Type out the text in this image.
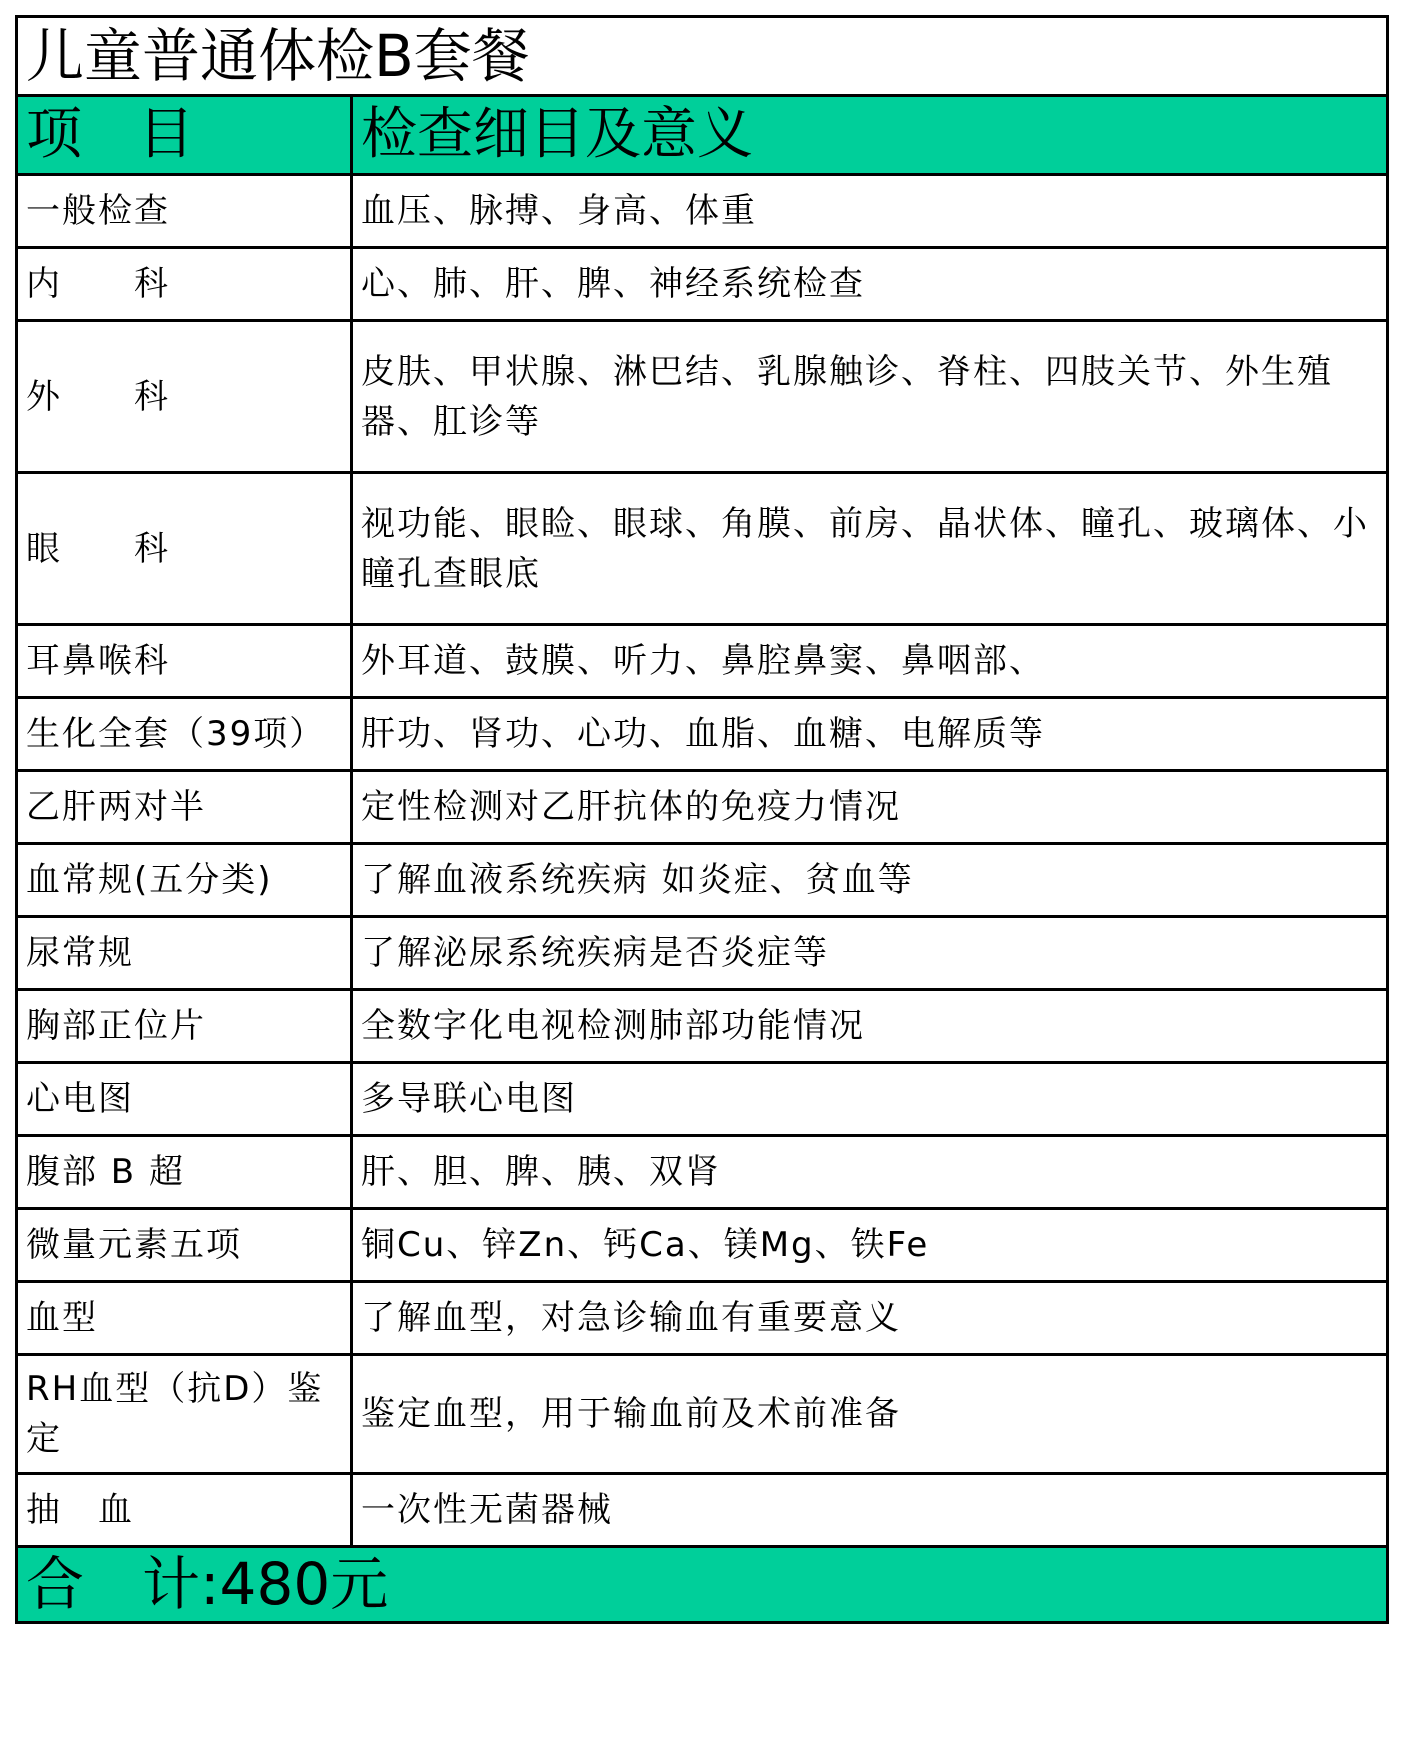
儿童普通体检B套餐	
项　目	检查细目及意义
一般检查	血压、脉搏、身高、体重
内　　科	心、肺、肝、脾、神经系统检查
外　　科	皮肤、甲状腺、淋巴结、乳腺触诊、脊柱、四肢关节、外生殖器、肛诊等
眼　　科	视功能、眼睑、眼球、角膜、前房、晶状体、瞳孔、玻璃体、小瞳孔查眼底
耳鼻喉科	外耳道、鼓膜、听力、鼻腔鼻窦、鼻咽部、
生化全套（39项）	肝功、肾功、心功、血脂、血糖、电解质等
乙肝两对半	定性检测对乙肝抗体的免疫力情况
血常规(五分类)	了解血液系统疾病 如炎症、贫血等
尿常规	了解泌尿系统疾病是否炎症等
胸部正位片	全数字化电视检测肺部功能情况
心电图	多导联心电图
腹部 B 超	肝、胆、脾、胰、双肾
微量元素五项	铜Cu、锌Zn、钙Ca、镁Mg、铁Fe
血型	了解血型，对急诊输血有重要意义
RH血型（抗D）鉴定	鉴定血型，用于输血前及术前准备
抽　血	一次性无菌器械
合　计:480元	
